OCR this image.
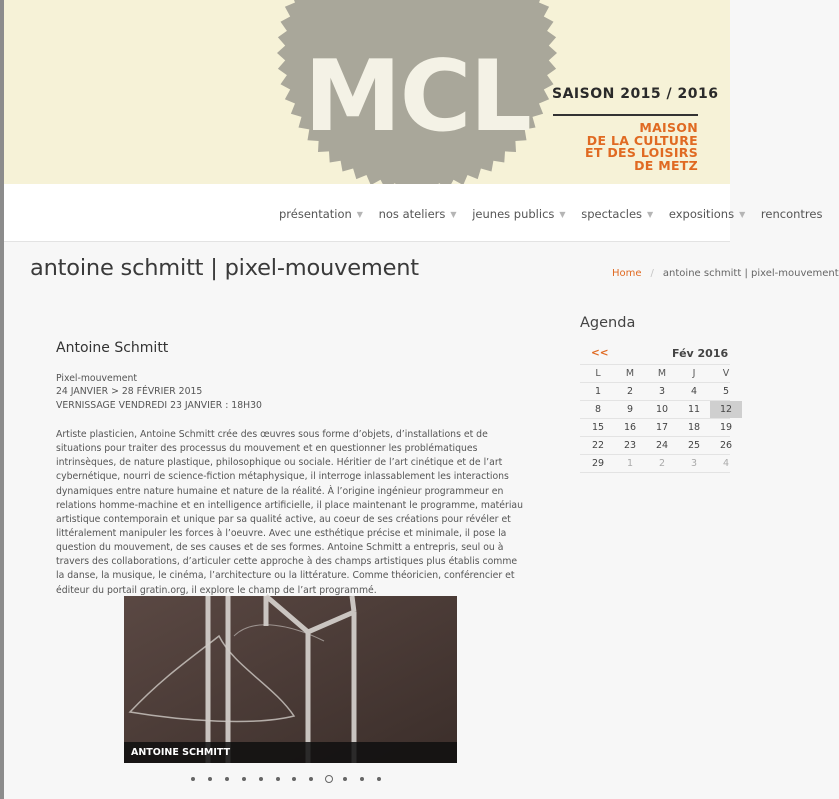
MCL SAISON 2015 / 2016
MAISON
DE LA CULTURE
ET DES LOISIRS
DE METZ
présentation ▼ nos ateliers ▼ jeunes publics ▼ spectacles ▼ expositions ▼ rencontres
antoine schmitt | pixel-mouvement	Home / antoine schmitt | pixel-mouvement
Antoine Schmitt
Pixel-mouvement
24 JANVIER > 28 FÉVRIER 2015
VERNISSAGE VENDREDI 23 JANVIER : 18H30
Artiste plasticien, Antoine Schmitt crée des œuvres sous forme d’objets, d’installations et de situations pour traiter des processus du mouvement et en questionner les problématiques intrinsèques, de nature plastique, philosophique ou sociale. Héritier de l’art cinétique et de l’art cybernétique, nourri de science-fiction métaphysique, il interroge inlassablement les interactions dynamiques entre nature humaine et nature de la réalité. À l’origine ingénieur programmeur en relations homme-machine et en intelligence artificielle, il place maintenant le programme, matériau artistique contemporain et unique par sa qualité active, au coeur de ses créations pour révéler et littéralement manipuler les forces à l’oeuvre. Avec une esthétique précise et minimale, il pose la question du mouvement, de ses causes et de ses formes. Antoine Schmitt a entrepris, seul ou à travers des collaborations, d’articuler cette approche à des champs artistiques plus établis comme la danse, la musique, le cinéma, l’architecture ou la littérature. Comme théoricien, conférencier et éditeur du portail gratin.org, il explore le champ de l’art programmé.
ANTOINE SCHMITT
Agenda
<<	Fév 2016
L	M	M	J	V
1	2	3	4	5
8	9	10	11	12
15	16	17	18	19
22	23	24	25	26
29	1	2	3	4
